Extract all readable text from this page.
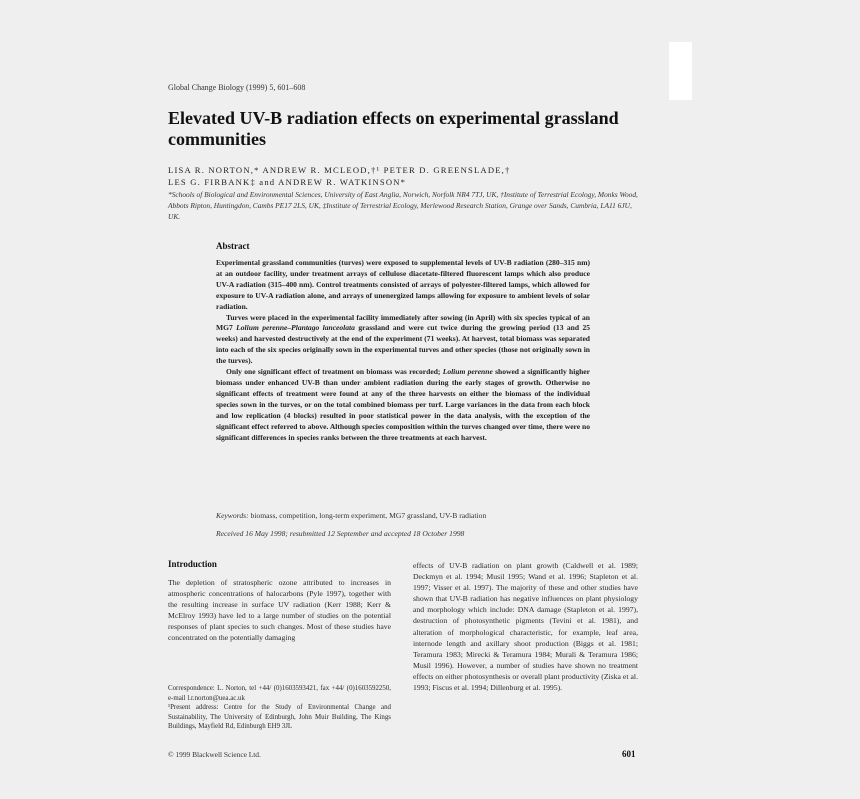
Global Change Biology (1999) 5, 601–608
Elevated UV-B radiation effects on experimental grassland communities
LISA R. NORTON,* ANDREW R. MCLEOD,†¹ PETER D. GREENSLADE,†
LES G. FIRBANK‡ and ANDREW R. WATKINSON*
*Schools of Biological and Environmental Sciences, University of East Anglia, Norwich, Norfolk NR4 7TJ, UK, †Institute of Terrestrial Ecology, Monks Wood, Abbots Ripton, Huntingdon, Cambs PE17 2LS, UK, ‡Institute of Terrestrial Ecology, Merlewood Research Station, Grange over Sands, Cumbria, LA11 6JU, UK.
Abstract

Experimental grassland communities (turves) were exposed to supplemental levels of UV-B radiation (280–315 nm) at an outdoor facility, under treatment arrays of cellulose diacetate-filtered fluorescent lamps which also produce UV-A radiation (315–400 nm). Control treatments consisted of arrays of polyester-filtered lamps, which allowed for exposure to UV-A radiation alone, and arrays of unenergized lamps allowing for exposure to ambient levels of solar radiation.

Turves were placed in the experimental facility immediately after sowing (in April) with six species typical of an MG7 Lolium perenne–Plantago lanceolata grassland and were cut twice during the growing period (13 and 25 weeks) and harvested destructively at the end of the experiment (71 weeks). At harvest, total biomass was separated into each of the six species originally sown in the experimental turves and other species (those not originally sown in the turves).

Only one significant effect of treatment on biomass was recorded; Lolium perenne showed a significantly higher biomass under enhanced UV-B than under ambient radiation during the early stages of growth. Otherwise no significant effects of treatment were found at any of the three harvests on either the biomass of the individual species sown in the turves, or on the total combined biomass per turf. Large variances in the data from each block and low replication (4 blocks) resulted in poor statistical power in the data analysis, with the exception of the significant effect referred to above. Although species composition within the turves changed over time, there were no significant differences in species ranks between the three treatments at each harvest.

Keywords: biomass, competition, long-term experiment, MG7 grassland, UV-B radiation
Received 16 May 1998; resubmitted 12 September and accepted 18 October 1998
Introduction

The depletion of stratospheric ozone attributed to increases in atmospheric concentrations of halocarbons (Pyle 1997), together with the resulting increase in surface UV radiation (Kerr 1988; Kerr & McElroy 1993) have led to a large number of studies on the potential responses of plant species to such changes. Most of these studies have concentrated on the potentially damaging

Correspondence: L. Norton, tel +44/ (0)1603593421, fax +44/ (0)1603592250, e-mail l.r.norton@uea.ac.uk

¹Present address: Centre for the Study of Environmental Change and Sustainability, The University of Edinburgh, John Muir Building, The Kings Buildings, Mayfield Rd, Edinburgh EH9 3JL

effects of UV-B radiation on plant growth (Caldwell et al. 1989; Deckmyn et al. 1994; Musil 1995; Wand et al. 1996; Stapleton et al. 1997; Visser et al. 1997). The majority of these and other studies have shown that UV-B radiation has negative influences on plant physiology and morphology which include: DNA damage (Stapleton et al. 1997), destruction of photosynthetic pigments (Tevini et al. 1981), and alteration of morphological characteristic, for example, leaf area, internode length and axillary shoot production (Biggs et al. 1981; Teramura 1983; Mirecki & Teramura 1984; Murali & Teramura 1986; Musil 1996). However, a number of studies have shown no treatment effects on either photosynthesis or overall plant productivity (Ziska et al. 1993; Fiscus et al. 1994; Dillenburg et al. 1995).

© 1999 Blackwell Science Ltd.	601
